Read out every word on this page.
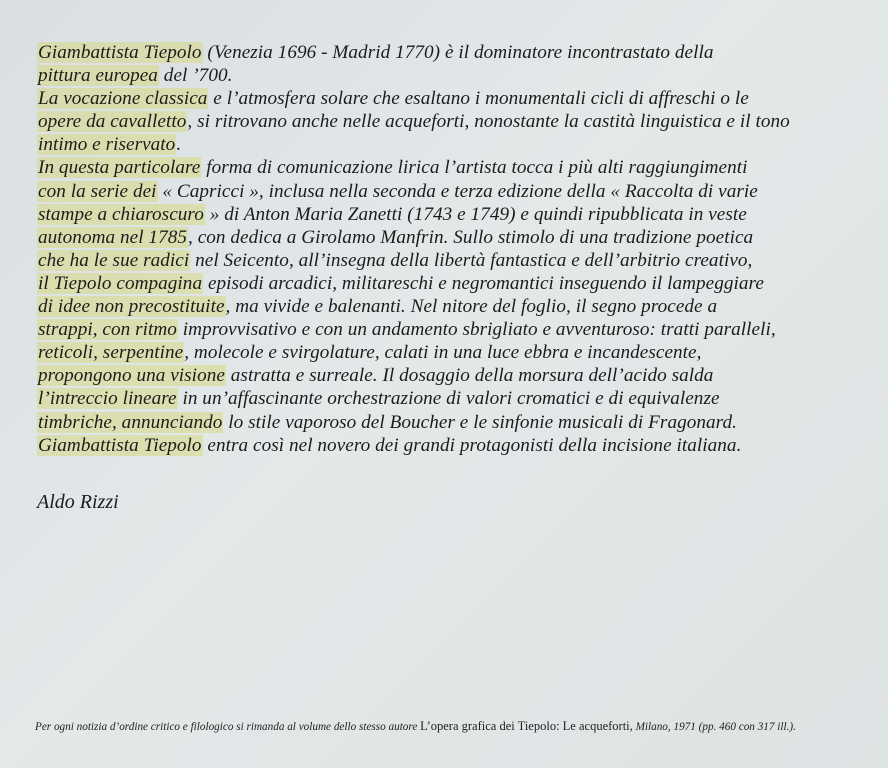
Giambattista Tiepolo (Venezia 1696 - Madrid 1770) è il dominatore incontrastato della
pittura europea del ’700.
La vocazione classica e l’atmosfera solare che esaltano i monumentali cicli di affreschi o le
opere da cavalletto, si ritrovano anche nelle acqueforti, nonostante la castità linguistica e il tono
intimo e riservato.
In questa particolare forma di comunicazione lirica l’artista tocca i più alti raggiungimenti
con la serie dei « Capricci », inclusa nella seconda e terza edizione della « Raccolta di varie
stampe a chiaroscuro » di Anton Maria Zanetti (1743 e 1749) e quindi ripubblicata in veste
autonoma nel 1785, con dedica a Girolamo Manfrin. Sullo stimolo di una tradizione poetica
che ha le sue radici nel Seicento, all’insegna della libertà fantastica e dell’arbitrio creativo,
il Tiepolo compagina episodi arcadici, militareschi e negromantici inseguendo il lampeggiare
di idee non precostituite, ma vivide e balenanti. Nel nitore del foglio, il segno procede a
strappi, con ritmo improvvisativo e con un andamento sbrigliato e avventuroso: tratti paralleli,
reticoli, serpentine, molecole e svirgolature, calati in una luce ebbra e incandescente,
propongono una visione astratta e surreale. Il dosaggio della morsura dell’acido salda
l’intreccio lineare in un’affascinante orchestrazione di valori cromatici e di equivalenze
timbriche, annunciando lo stile vaporoso del Boucher e le sinfonie musicali di Fragonard.
Giambattista Tiepolo entra così nel novero dei grandi protagonisti della incisione italiana.
Aldo Rizzi
Per ogni notizia d’ordine critico e filologico si rimanda al volume dello stesso autore L’opera grafica dei Tiepolo: Le acqueforti, Milano, 1971 (pp. 460 con 317 ill.).
